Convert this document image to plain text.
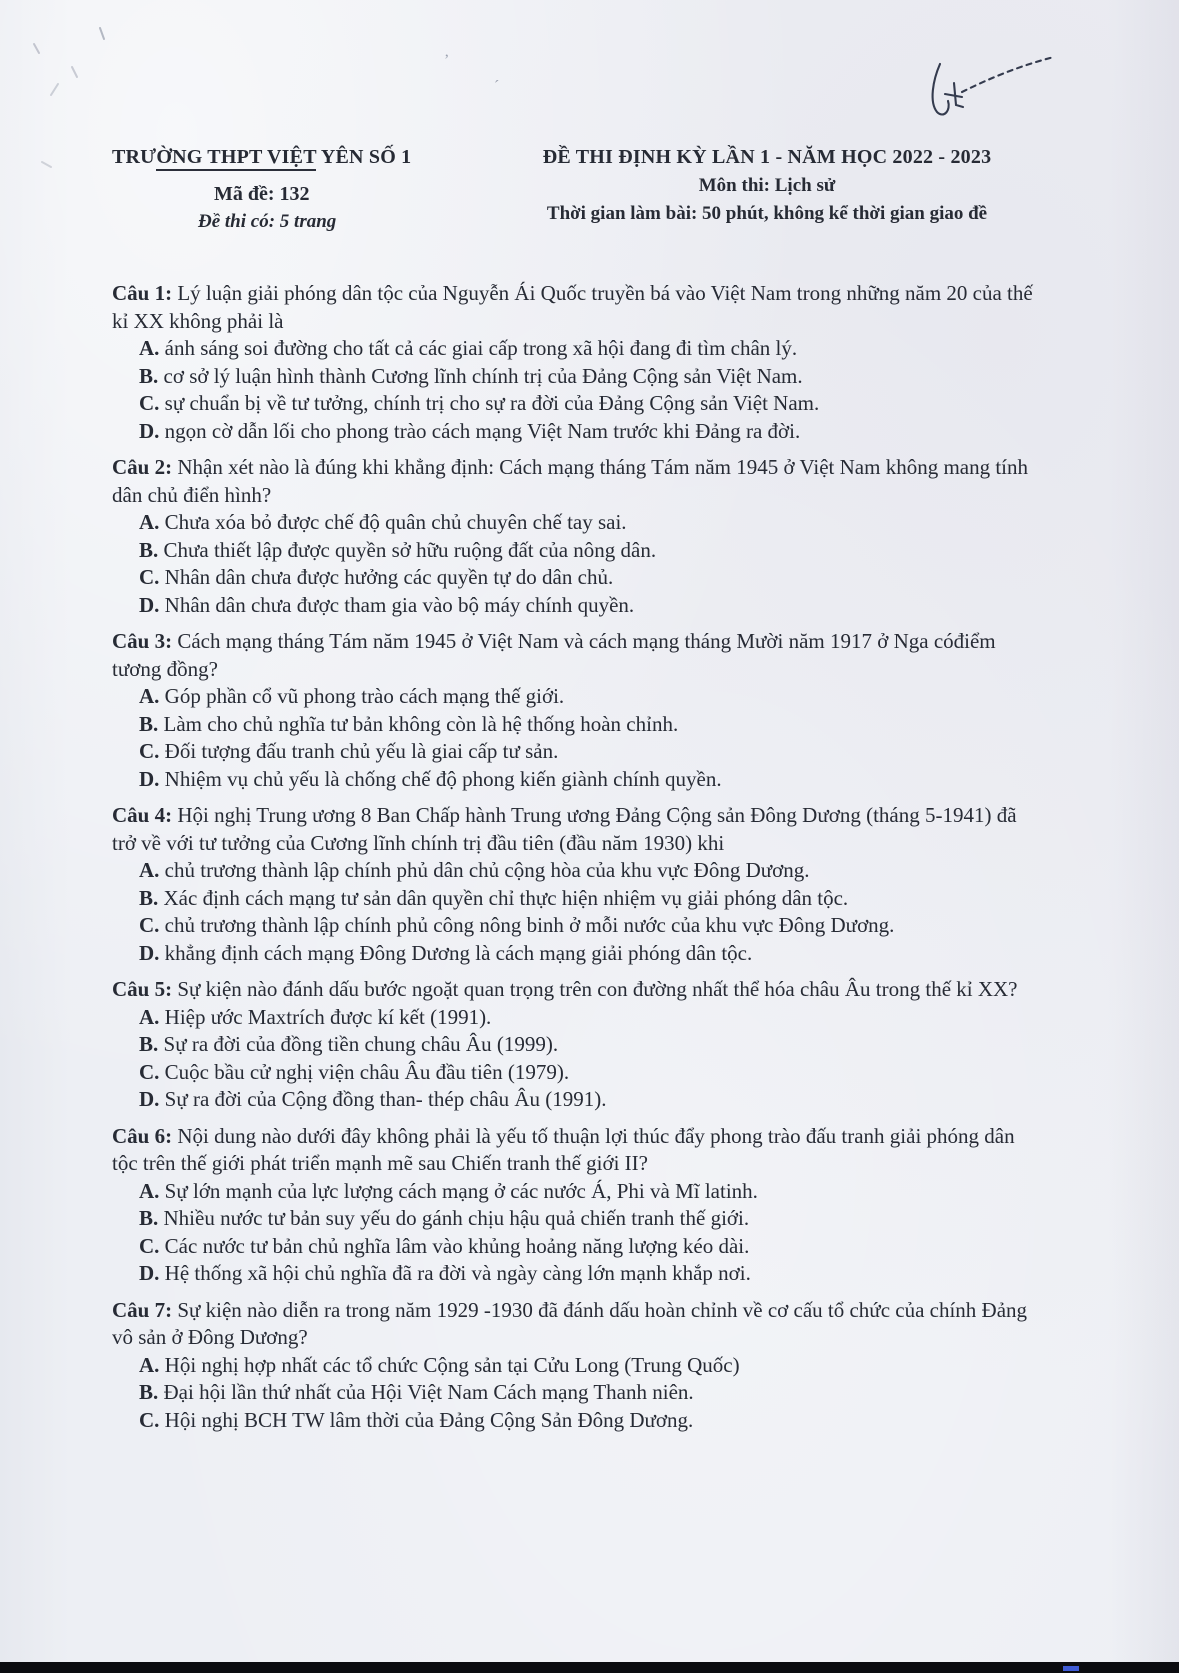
’
´
TRƯỜNG THPT VIỆT YÊN SỐ 1
Mã đề: 132
Đề thi có: 5 trang
ĐỀ THI ĐỊNH KỲ LẦN 1 - NĂM HỌC 2022 - 2023
Môn thi: Lịch sử
Thời gian làm bài: 50 phút, không kể thời gian giao đề

Câu 1: Lý luận giải phóng dân tộc của Nguyễn Ái Quốc truyền bá vào Việt Nam trong những năm 20 của thế kỉ XX không phải là

A. ánh sáng soi đường cho tất cả các giai cấp trong xã hội đang đi tìm chân lý.

B. cơ sở lý luận hình thành Cương lĩnh chính trị của Đảng Cộng sản Việt Nam.

C. sự chuẩn bị về tư tưởng, chính trị cho sự ra đời của Đảng Cộng sản Việt Nam.

D. ngọn cờ dẫn lối cho phong trào cách mạng Việt Nam trước khi Đảng ra đời.

Câu 2: Nhận xét nào là đúng khi khẳng định: Cách mạng tháng Tám năm 1945 ở Việt Nam không mang tính dân chủ điển hình?

A. Chưa xóa bỏ được chế độ quân chủ chuyên chế tay sai.

B. Chưa thiết lập được quyền sở hữu ruộng đất của nông dân.

C. Nhân dân chưa được hưởng các quyền tự do dân chủ.

D. Nhân dân chưa được tham gia vào bộ máy chính quyền.

Câu 3: Cách mạng tháng Tám năm 1945 ở Việt Nam và cách mạng tháng Mười năm 1917 ở Nga cóđiểm tương đồng?

A. Góp phần cổ vũ phong trào cách mạng thế giới.

B. Làm cho chủ nghĩa tư bản không còn là hệ thống hoàn chỉnh.

C. Đối tượng đấu tranh chủ yếu là giai cấp tư sản.

D. Nhiệm vụ chủ yếu là chống chế độ phong kiến giành chính quyền.

Câu 4: Hội nghị Trung ương 8 Ban Chấp hành Trung ương Đảng Cộng sản Đông Dương (tháng 5-1941) đã trở về với tư tưởng của Cương lĩnh chính trị đầu tiên (đầu năm 1930) khi

A. chủ trương thành lập chính phủ dân chủ cộng hòa của khu vực Đông Dương.

B. Xác định cách mạng tư sản dân quyền chỉ thực hiện nhiệm vụ giải phóng dân tộc.

C. chủ trương thành lập chính phủ công nông binh ở mỗi nước của khu vực Đông Dương.

D. khẳng định cách mạng Đông Dương là cách mạng giải phóng dân tộc.

Câu 5: Sự kiện nào đánh dấu bước ngoặt quan trọng trên con đường nhất thể hóa châu Âu trong thế kỉ XX?

A. Hiệp ước Maxtrích được kí kết (1991).

B. Sự ra đời của đồng tiền chung châu Âu (1999).

C. Cuộc bầu cử nghị viện châu Âu đầu tiên (1979).

D. Sự ra đời của Cộng đồng than- thép châu Âu (1991).

Câu 6: Nội dung nào dưới đây không phải là yếu tố thuận lợi thúc đẩy phong trào đấu tranh giải phóng dân tộc trên thế giới phát triển mạnh mẽ sau Chiến tranh thế giới II?

A. Sự lớn mạnh của lực lượng cách mạng ở các nước Á, Phi và Mĩ latinh.

B. Nhiều nước tư bản suy yếu do gánh chịu hậu quả chiến tranh thế giới.

C. Các nước tư bản chủ nghĩa lâm vào khủng hoảng năng lượng kéo dài.

D. Hệ thống xã hội chủ nghĩa đã ra đời và ngày càng lớn mạnh khắp nơi.

Câu 7: Sự kiện nào diễn ra trong năm 1929 -1930 đã đánh dấu hoàn chỉnh về cơ cấu tổ chức của chính Đảng vô sản ở Đông Dương?

A. Hội nghị hợp nhất các tổ chức Cộng sản tại Cửu Long (Trung Quốc)

B. Đại hội lần thứ nhất của Hội Việt Nam Cách mạng Thanh niên.

C. Hội nghị BCH TW lâm thời của Đảng Cộng Sản Đông Dương.
